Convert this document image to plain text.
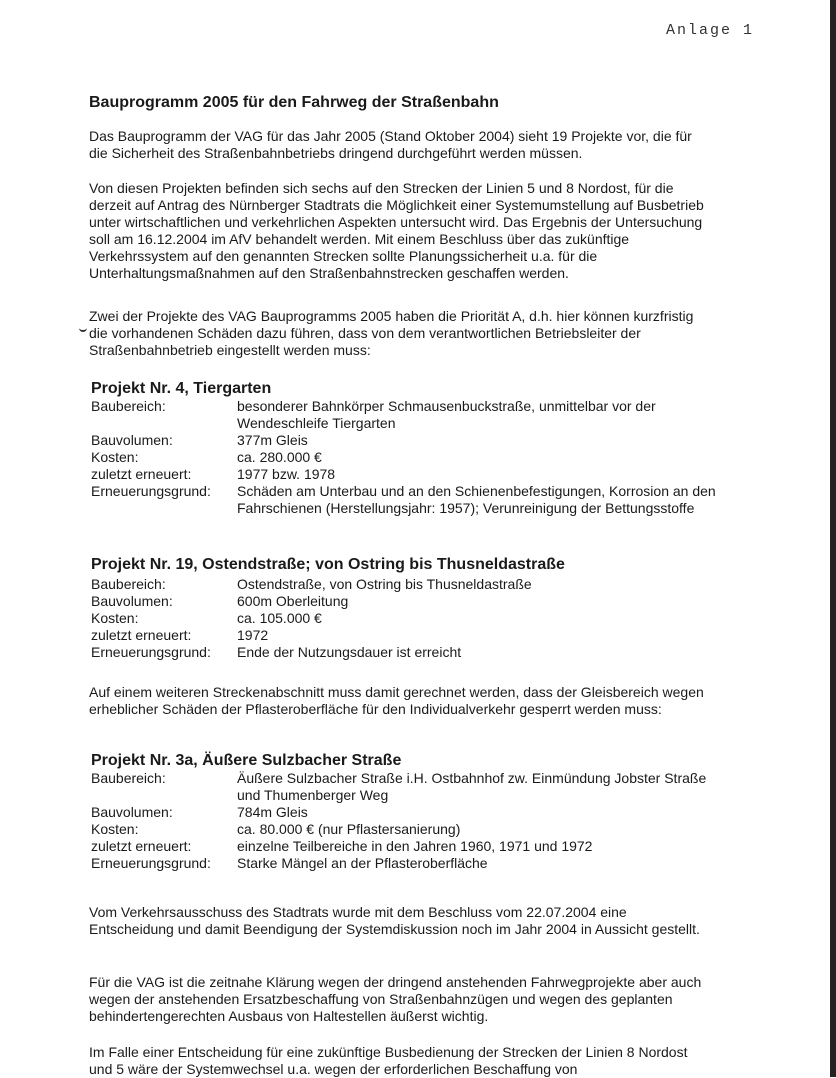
Anlage 1
Bauprogramm 2005 für den Fahrweg der Straßenbahn

Das Bauprogramm der VAG für das Jahr 2005 (Stand Oktober 2004) sieht 19 Projekte vor, die für die Sicherheit des Straßenbahnbetriebs dringend durchgeführt werden müssen.

Von diesen Projekten befinden sich sechs auf den Strecken der Linien 5 und 8 Nordost, für die derzeit auf Antrag des Nürnberger Stadtrats die Möglichkeit einer Systemumstellung auf Busbetrieb unter wirtschaftlichen und verkehrlichen Aspekten untersucht wird. Das Ergebnis der Untersuchung soll am 16.12.2004 im AfV behandelt werden. Mit einem Beschluss über das zukünftige Verkehrssystem auf den genannten Strecken sollte Planungssicherheit u.a. für die Unterhaltungsmaßnahmen auf den Straßenbahnstrecken geschaffen werden.

Zwei der Projekte des VAG Bauprogramms 2005 haben die Priorität A, d.h. hier können kurzfristig die vorhandenen Schäden dazu führen, dass von dem verantwortlichen Betriebsleiter der Straßenbahnbetrieb eingestellt werden muss:

Projekt Nr. 4, Tiergarten
Baubereich:	besonderer Bahnkörper Schmausenbuckstraße, unmittelbar vor der Wendeschleife Tiergarten
Bauvolumen:	377m Gleis
Kosten:	ca. 280.000 €
zuletzt erneuert:	1977 bzw. 1978
Erneuerungsgrund:	Schäden am Unterbau und an den Schienenbefestigungen, Korrosion an den Fahrschienen (Herstellungsjahr: 1957); Verunreinigung der Bettungsstoffe
Projekt Nr. 19, Ostendstraße; von Ostring bis Thusneldastraße
Baubereich:	Ostendstraße, von Ostring bis Thusneldastraße
Bauvolumen:	600m Oberleitung
Kosten:	ca. 105.000 €
zuletzt erneuert:	1972
Erneuerungsgrund:	Ende der Nutzungsdauer ist erreicht

Auf einem weiteren Streckenabschnitt muss damit gerechnet werden, dass der Gleisbereich wegen erheblicher Schäden der Pflasteroberfläche für den Individualverkehr gesperrt werden muss:

Projekt Nr. 3a, Äußere Sulzbacher Straße
Baubereich:	Äußere Sulzbacher Straße i.H. Ostbahnhof zw. Einmündung Jobster Straße und Thumenberger Weg
Bauvolumen:	784m Gleis
Kosten:	ca. 80.000 € (nur Pflastersanierung)
zuletzt erneuert:	einzelne Teilbereiche in den Jahren 1960, 1971 und 1972
Erneuerungsgrund:	Starke Mängel an der Pflasteroberfläche

Vom Verkehrsausschuss des Stadtrats wurde mit dem Beschluss vom 22.07.2004 eine Entscheidung und damit Beendigung der Systemdiskussion noch im Jahr 2004 in Aussicht gestellt.

Für die VAG ist die zeitnahe Klärung wegen der dringend anstehenden Fahrwegprojekte aber auch wegen der anstehenden Ersatzbeschaffung von Straßenbahnzügen und wegen des geplanten behindertengerechten Ausbaus von Haltestellen äußerst wichtig.

Im Falle einer Entscheidung für eine zukünftige Busbedienung der Strecken der Linien 8 Nordost und 5 wäre der Systemwechsel u.a. wegen der erforderlichen Beschaffung von
